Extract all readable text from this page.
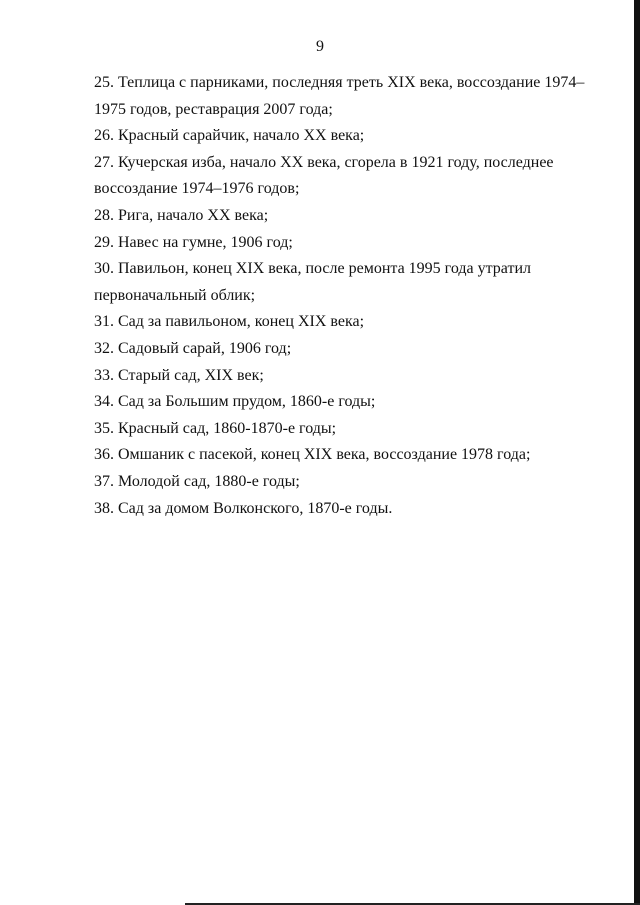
9
25. Теплица с парниками, последняя треть XIX века, воссоздание 1974–1975 годов, реставрация 2007 года;
26. Красный сарайчик, начало XX века;
27. Кучерская изба, начало XX века, сгорела в 1921 году, последнее воссоздание 1974–1976 годов;
28. Рига, начало XX века;
29. Навес на гумне, 1906 год;
30. Павильон, конец XIX века, после ремонта 1995 года утратил первоначальный облик;
31. Сад за павильоном, конец XIX века;
32. Садовый сарай, 1906 год;
33. Старый сад, XIX век;
34. Сад за Большим прудом, 1860-е годы;
35. Красный сад, 1860-1870-е годы;
36. Омшаник с пасекой, конец XIX века, воссоздание 1978 года;
37. Молодой сад, 1880-е годы;
38. Сад за домом Волконского, 1870-е годы.
